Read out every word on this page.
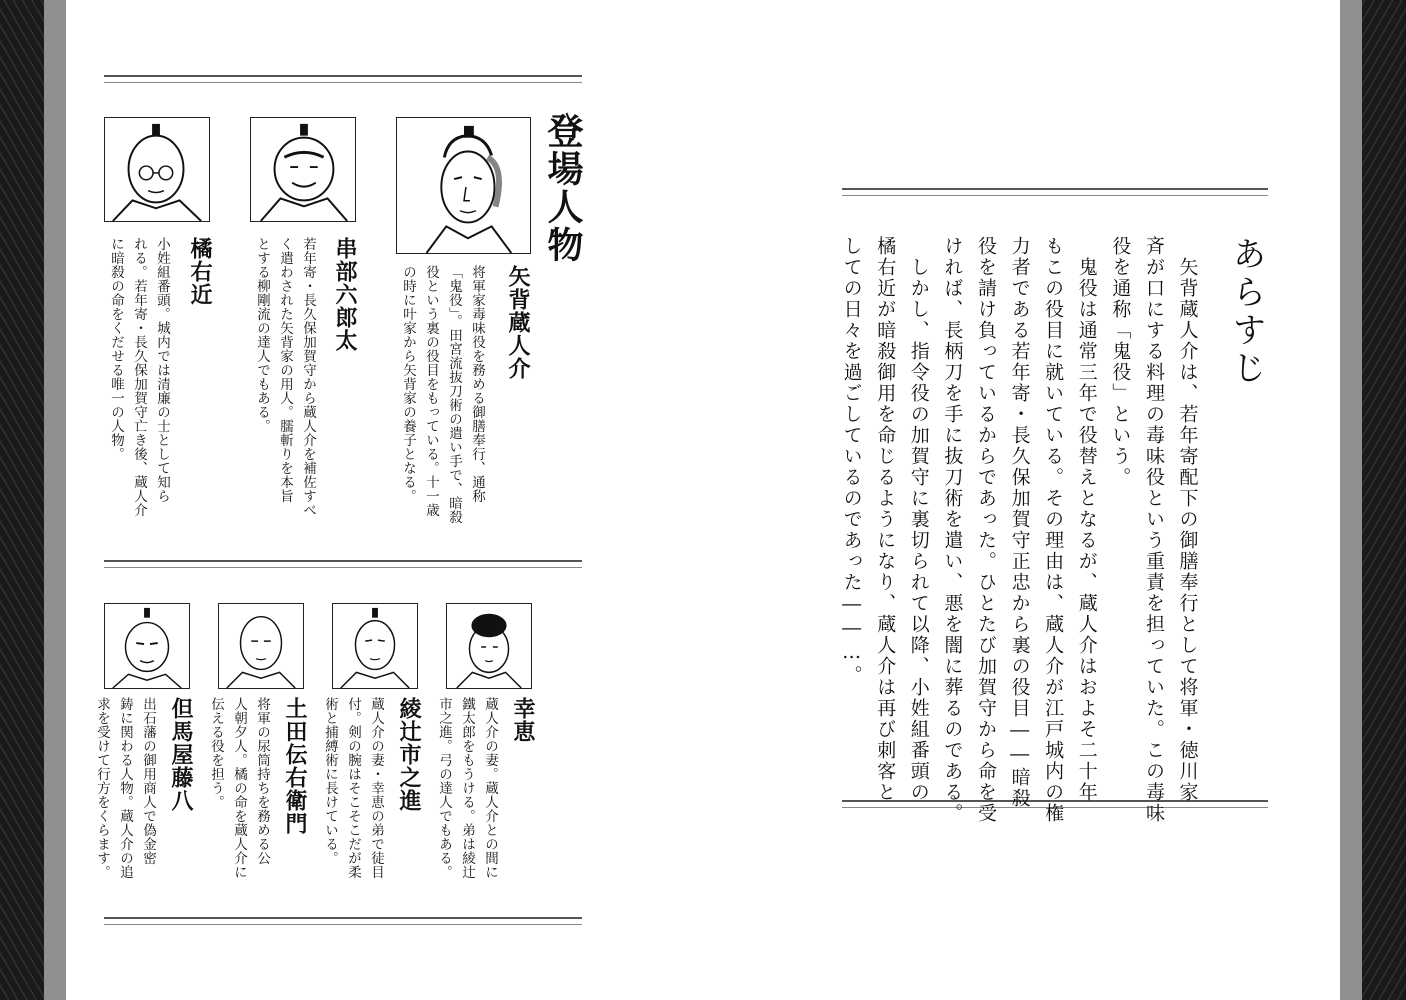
登場人物
矢背蔵人介
将軍家毒味役を務める御膳奉行、通称
「鬼役」。田宮流抜刀術の遣い手で、暗殺
役という裏の役目をもっている。十一歳
の時に叶家から矢背家の養子となる。
串部六郎太
若年寄・長久保加賀守から蔵人介を補佐すべ
く遣わされた矢背家の用人。臑斬りを本旨
とする柳剛流の達人でもある。
橘右近
小姓組番頭。城内では清廉の士として知ら
れる。若年寄・長久保加賀守亡き後、蔵人介
に暗殺の命をくだせる唯一の人物。
幸恵
蔵人介の妻。蔵人介との間に
鐵太郎をもうける。弟は綾辻
市之進。弓の達人でもある。
綾辻市之進
蔵人介の妻・幸恵の弟で徒目
付。剣の腕はそこそこだが柔
術と捕縛術に長けている。
土田伝右衛門
将軍の尿筒持ちを務める公
人朝夕人。橘の命を蔵人介に
伝える役を担う。
但馬屋藤八
出石藩の御用商人で偽金密
鋳に関わる人物。蔵人介の追
求を受けて行方をくらます。
あらすじ
　矢背蔵人介は、若年寄配下の御膳奉行として将軍・徳川家
斉が口にする料理の毒味役という重責を担っていた。この毒味
役を通称「鬼役」という。
　鬼役は通常三年で役替えとなるが、蔵人介はおよそ二十年
もこの役目に就いている。その理由は、蔵人介が江戸城内の権
力者である若年寄・長久保加賀守正忠から裏の役目――暗殺
役を請け負っているからであった。ひとたび加賀守から命を受
ければ、長柄刀を手に抜刀術を遣い、悪を闇に葬るのである。
　しかし、指令役の加賀守に裏切られて以降、小姓組番頭の
橘右近が暗殺御用を命じるようになり、蔵人介は再び刺客と
しての日々を過ごしているのであった――…。
